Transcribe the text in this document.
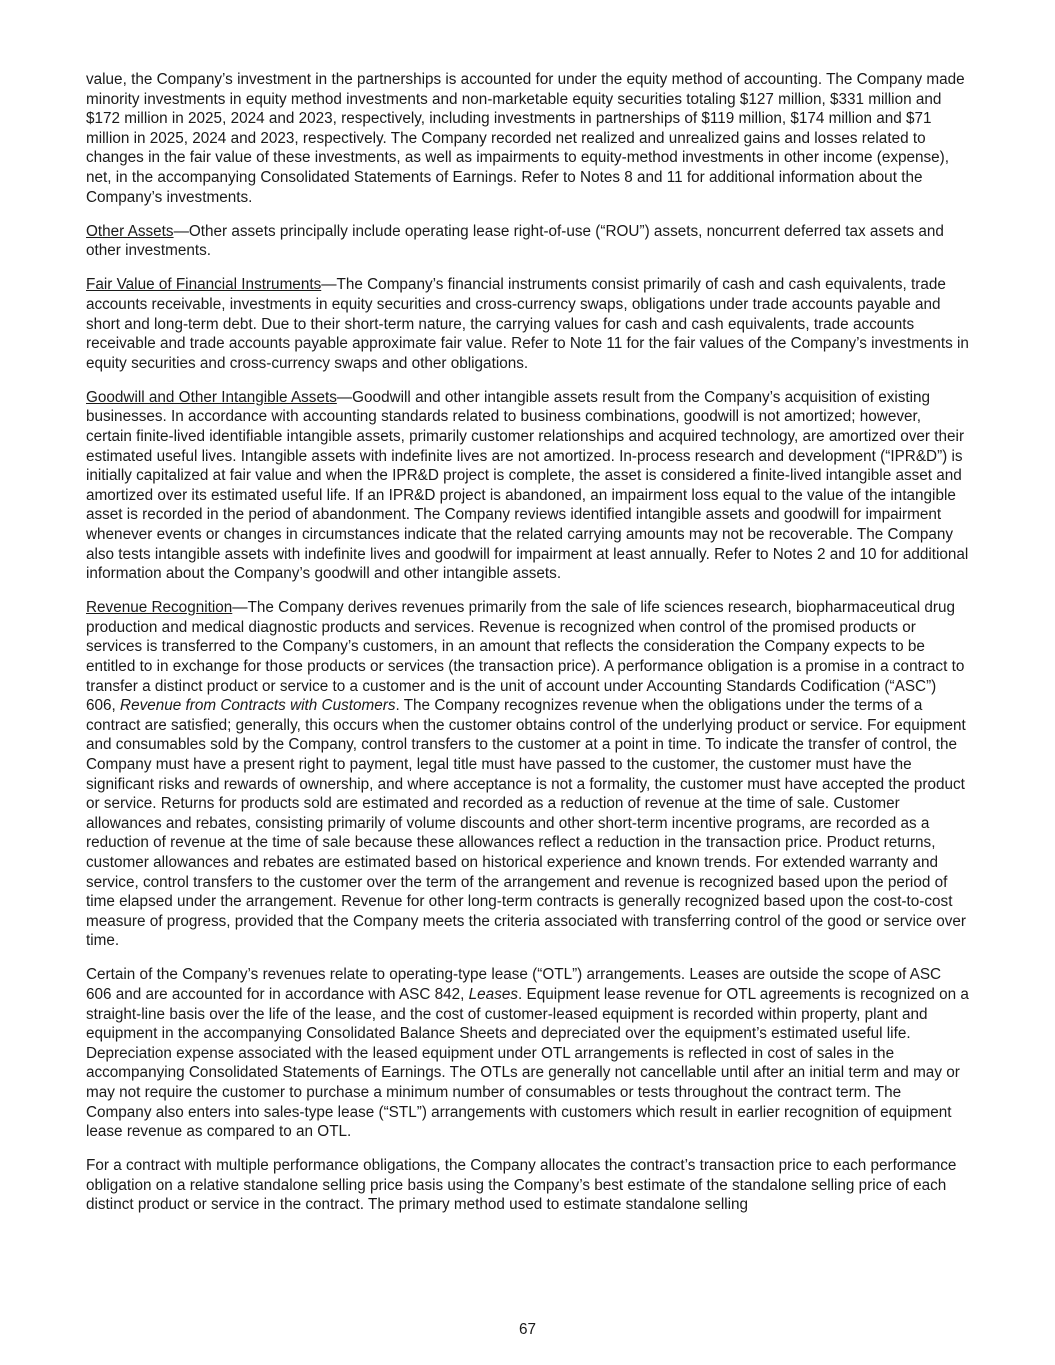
value, the Company’s investment in the partnerships is accounted for under the equity method of accounting. The Company made minority investments in equity method investments and non-marketable equity securities totaling $127 million, $331 million and $172 million in 2025, 2024 and 2023, respectively, including investments in partnerships of $119 million, $174 million and $71 million in 2025, 2024 and 2023, respectively. The Company recorded net realized and unrealized gains and losses related to changes in the fair value of these investments, as well as impairments to equity-method investments in other income (expense), net, in the accompanying Consolidated Statements of Earnings. Refer to Notes 8 and 11 for additional information about the Company’s investments.

Other Assets—Other assets principally include operating lease right-of-use (“ROU”) assets, noncurrent deferred tax assets and other investments.

Fair Value of Financial Instruments—The Company’s financial instruments consist primarily of cash and cash equivalents, trade accounts receivable, investments in equity securities and cross-currency swaps, obligations under trade accounts payable and short and long-term debt. Due to their short-term nature, the carrying values for cash and cash equivalents, trade accounts receivable and trade accounts payable approximate fair value. Refer to Note 11 for the fair values of the Company’s investments in equity securities and cross-currency swaps and other obligations.

Goodwill and Other Intangible Assets—Goodwill and other intangible assets result from the Company’s acquisition of existing businesses. In accordance with accounting standards related to business combinations, goodwill is not amortized; however, certain finite-lived identifiable intangible assets, primarily customer relationships and acquired technology, are amortized over their estimated useful lives. Intangible assets with indefinite lives are not amortized. In-process research and development (“IPR&D”) is initially capitalized at fair value and when the IPR&D project is complete, the asset is considered a finite-lived intangible asset and amortized over its estimated useful life. If an IPR&D project is abandoned, an impairment loss equal to the value of the intangible asset is recorded in the period of abandonment. The Company reviews identified intangible assets and goodwill for impairment whenever events or changes in circumstances indicate that the related carrying amounts may not be recoverable. The Company also tests intangible assets with indefinite lives and goodwill for impairment at least annually. Refer to Notes 2 and 10 for additional information about the Company’s goodwill and other intangible assets.

Revenue Recognition—The Company derives revenues primarily from the sale of life sciences research, biopharmaceutical drug production and medical diagnostic products and services. Revenue is recognized when control of the promised products or services is transferred to the Company’s customers, in an amount that reflects the consideration the Company expects to be entitled to in exchange for those products or services (the transaction price). A performance obligation is a promise in a contract to transfer a distinct product or service to a customer and is the unit of account under Accounting Standards Codification (“ASC”) 606, Revenue from Contracts with Customers. The Company recognizes revenue when the obligations under the terms of a contract are satisfied; generally, this occurs when the customer obtains control of the underlying product or service. For equipment and consumables sold by the Company, control transfers to the customer at a point in time. To indicate the transfer of control, the Company must have a present right to payment, legal title must have passed to the customer, the customer must have the significant risks and rewards of ownership, and where acceptance is not a formality, the customer must have accepted the product or service. Returns for products sold are estimated and recorded as a reduction of revenue at the time of sale. Customer allowances and rebates, consisting primarily of volume discounts and other short-term incentive programs, are recorded as a reduction of revenue at the time of sale because these allowances reflect a reduction in the transaction price. Product returns, customer allowances and rebates are estimated based on historical experience and known trends. For extended warranty and service, control transfers to the customer over the term of the arrangement and revenue is recognized based upon the period of time elapsed under the arrangement. Revenue for other long-term contracts is generally recognized based upon the cost-to-cost measure of progress, provided that the Company meets the criteria associated with transferring control of the good or service over time.

Certain of the Company’s revenues relate to operating-type lease (“OTL”) arrangements. Leases are outside the scope of ASC 606 and are accounted for in accordance with ASC 842, Leases. Equipment lease revenue for OTL agreements is recognized on a straight-line basis over the life of the lease, and the cost of customer-leased equipment is recorded within property, plant and equipment in the accompanying Consolidated Balance Sheets and depreciated over the equipment’s estimated useful life. Depreciation expense associated with the leased equipment under OTL arrangements is reflected in cost of sales in the accompanying Consolidated Statements of Earnings. The OTLs are generally not cancellable until after an initial term and may or may not require the customer to purchase a minimum number of consumables or tests throughout the contract term. The Company also enters into sales-type lease (“STL”) arrangements with customers which result in earlier recognition of equipment lease revenue as compared to an OTL.

For a contract with multiple performance obligations, the Company allocates the contract’s transaction price to each performance obligation on a relative standalone selling price basis using the Company’s best estimate of the standalone selling price of each distinct product or service in the contract. The primary method used to estimate standalone selling

67
